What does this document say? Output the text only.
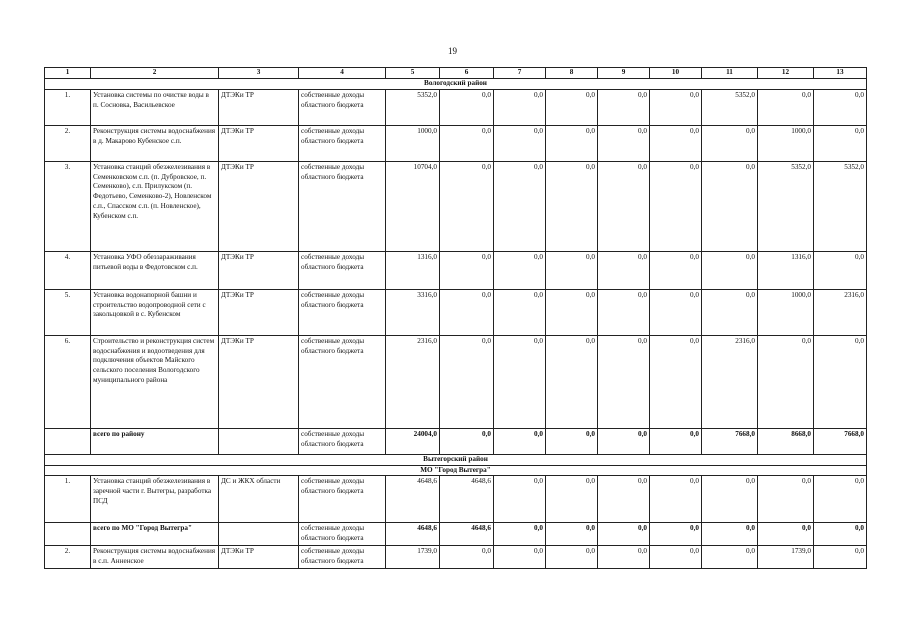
19
1	2	3	4	5	6	7	8	9	10	11	12	13
Вологодский район												
1.	Установка системы по очистке воды в п. Сосновка, Васильевское	ДТЭКи ТР	собственные доходы областного бюджета	5352,0	0,0	0,0	0,0	0,0	0,0	5352,0	0,0	0,0
2.	Реконструкция системы водоснабжения в д. Макарово Кубенское с.п.	ДТЭКи ТР	собственные доходы областного бюджета	1000,0	0,0	0,0	0,0	0,0	0,0	0,0	1000,0	0,0
3.	Установка станций обезжелезивания в Семенковском с.п. (п. Дубровское, п. Семенково), с.п. Прилукском (п. Федотьево, Семенково-2), Новленском с.п., Спасском с.п. (п. Новленское), Кубенском с.п.	ДТЭКи ТР	собственные доходы областного бюджета	10704,0	0,0	0,0	0,0	0,0	0,0	0,0	5352,0	5352,0
4.	Установка УФО обеззараживания питьевой воды в Федотовском с.п.	ДТЭКи ТР	собственные доходы областного бюджета	1316,0	0,0	0,0	0,0	0,0	0,0	0,0	1316,0	0,0
5.	Установка водонапорной башни и строительство водопроводной сети с закольцовкой в с. Кубенском	ДТЭКи ТР	собственные доходы областного бюджета	3316,0	0,0	0,0	0,0	0,0	0,0	0,0	1000,0	2316,0
6.	Строительство и реконструкция систем водоснабжения и водоотведения для подключения объектов Майского сельского поселения Вологодского муниципального района	ДТЭКи ТР	собственные доходы областного бюджета	2316,0	0,0	0,0	0,0	0,0	0,0	2316,0	0,0	0,0
	всего по району		собственные доходы областного бюджета	24004,0	0,0	0,0	0,0	0,0	0,0	7668,0	8668,0	7668,0
Вытегорский район												
МО "Город Вытегра"												
1.	Установка станций обезжелезивания в заречной части г. Вытегры, разработка ПСД	ДС и ЖКХ области	собственные доходы областного бюджета	4648,6	4648,6	0,0	0,0	0,0	0,0	0,0	0,0	0,0
	всего по МО "Город Вытегра"		собственные доходы областного бюджета	4648,6	4648,6	0,0	0,0	0,0	0,0	0,0	0,0	0,0
2.	Реконструкция системы водоснабжения в с.п. Анненское	ДТЭКи ТР	собственные доходы областного бюджета	1739,0	0,0	0,0	0,0	0,0	0,0	0,0	1739,0	0,0
